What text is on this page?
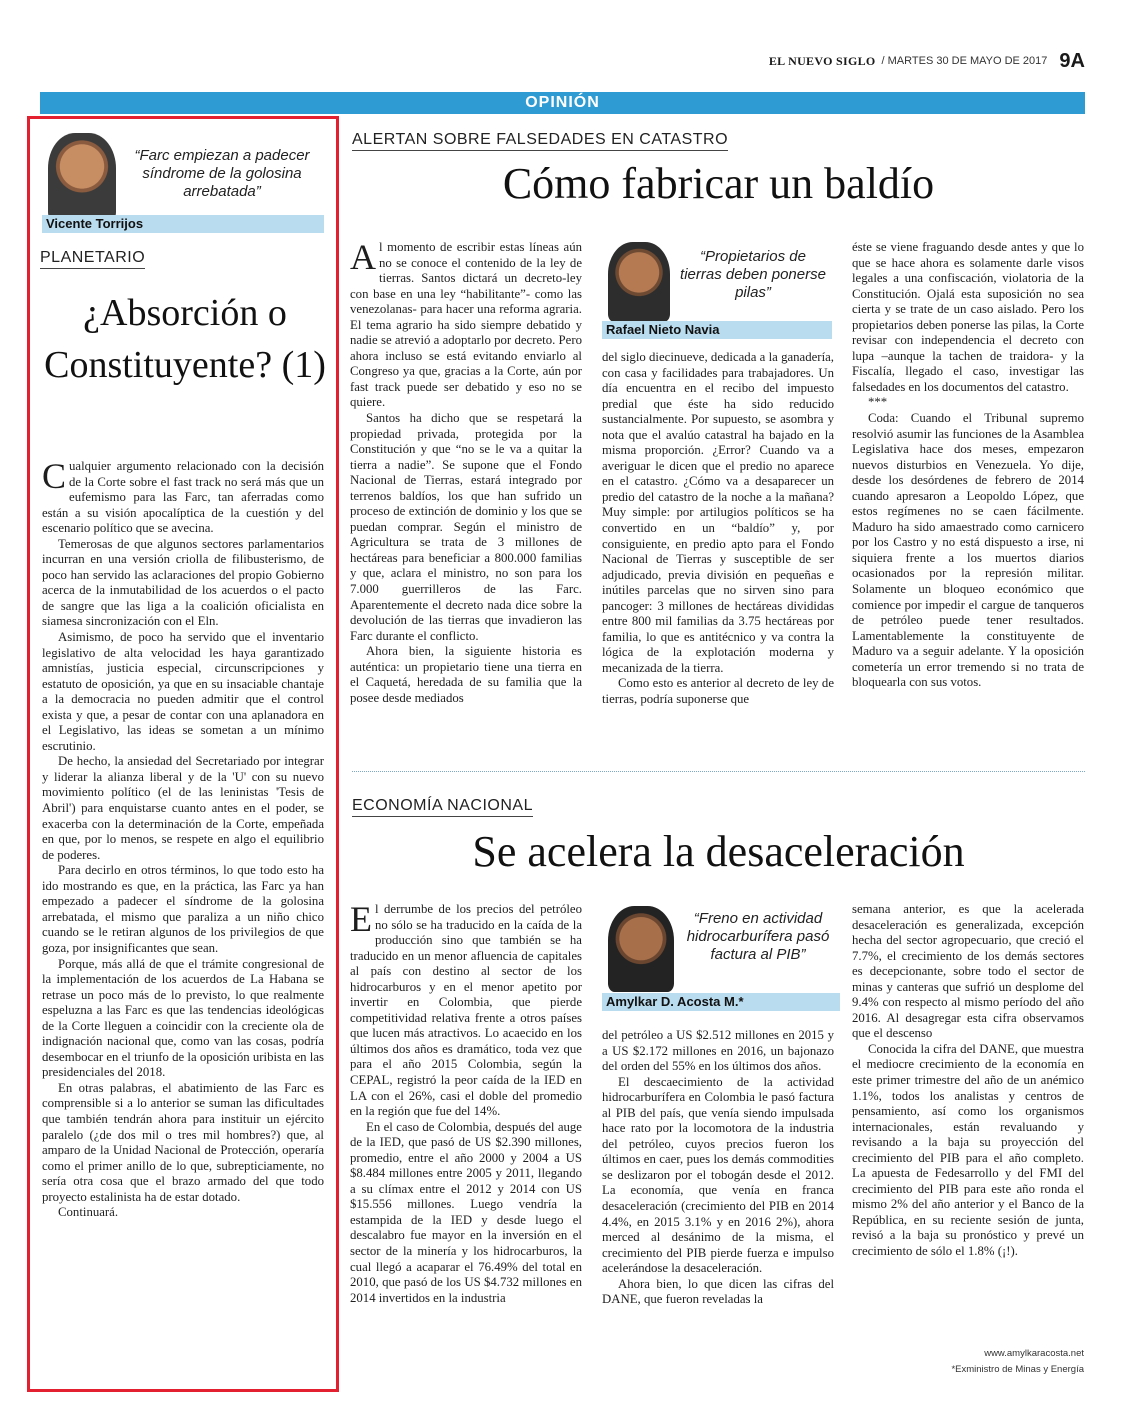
EL NUEVO SIGLO / MARTES 30 DE MAYO DE 2017 9A
OPINIÓN
“Farc empiezan a padecer síndrome de la golosina arrebatada”
Vicente Torrijos
PLANETARIO
¿Absorción o Constituyente? (1)

Cualquier argumento relacionado con la decisión de la Corte sobre el fast track no será más que un eufemismo para las Farc, tan aferradas como están a su visión apocalíptica de la cuestión y del escenario político que se avecina.

Temerosas de que algunos sectores parlamentarios incurran en una versión criolla de filibusterismo, de poco han servido las aclaraciones del propio Gobierno acerca de la inmutabilidad de los acuerdos o el pacto de sangre que las liga a la coalición oficialista en siamesa sincronización con el Eln.

Asimismo, de poco ha servido que el inventario legislativo de alta velocidad les haya garantizado amnistías, justicia especial, circunscripciones y estatuto de oposición, ya que en su insaciable chantaje a la democracia no pueden admitir que el control exista y que, a pesar de contar con una aplanadora en el Legislativo, las ideas se sometan a un mínimo escrutinio.

De hecho, la ansiedad del Secretariado por integrar y liderar la alianza liberal y de la 'U' con su nuevo movimiento político (el de las leninistas 'Tesis de Abril') para enquistarse cuanto antes en el poder, se exacerba con la determinación de la Corte, empeñada en que, por lo menos, se respete en algo el equilibrio de poderes.

Para decirlo en otros términos, lo que todo esto ha ido mostrando es que, en la práctica, las Farc ya han empezado a padecer el síndrome de la golosina arrebatada, el mismo que paraliza a un niño chico cuando se le retiran algunos de los privilegios de que goza, por insignificantes que sean.

Porque, más allá de que el trámite congresional de la implementación de los acuerdos de La Habana se retrase un poco más de lo previsto, lo que realmente espeluzna a las Farc es que las tendencias ideológicas de la Corte lleguen a coincidir con la creciente ola de indignación nacional que, como van las cosas, podría desembocar en el triunfo de la oposición uribista en las presidenciales del 2018.

En otras palabras, el abatimiento de las Farc es comprensible si a lo anterior se suman las dificultades que también tendrán ahora para instituir un ejército paralelo (¿de dos mil o tres mil hombres?) que, al amparo de la Unidad Nacional de Protección, operaría como el primer anillo de lo que, subrepticiamente, no sería otra cosa que el brazo armado del que todo proyecto estalinista ha de estar dotado.

Continuará.

ALERTAN SOBRE FALSEDADES EN CATASTRO
Cómo fabricar un baldío

Al momento de escribir estas líneas aún no se conoce el contenido de la ley de tierras. Santos dictará un decreto-ley con base en una ley “habilitante”- como las venezolanas- para hacer una reforma agraria. El tema agrario ha sido siempre debatido y nadie se atrevió a adoptarlo por decreto. Pero ahora incluso se está evitando enviarlo al Congreso ya que, gracias a la Corte, aún por fast track puede ser debatido y eso no se quiere.

Santos ha dicho que se respetará la propiedad privada, protegida por la Constitución y que “no se le va a quitar la tierra a nadie”. Se supone que el Fondo Nacional de Tierras, estará integrado por terrenos baldíos, los que han sufrido un proceso de extinción de dominio y los que se puedan comprar. Según el ministro de Agricultura se trata de 3 millones de hectáreas para beneficiar a 800.000 familias y que, aclara el ministro, no son para los 7.000 guerrilleros de las Farc. Aparentemente el decreto nada dice sobre la devolución de las tierras que invadieron las Farc durante el conflicto.

Ahora bien, la siguiente historia es auténtica: un propietario tiene una tierra en el Caquetá, heredada de su familia que la posee desde mediados

“Propietarios de tierras deben ponerse pilas”
Rafael Nieto Navia

del siglo diecinueve, dedicada a la ganadería, con casa y facilidades para trabajadores. Un día encuentra en el recibo del impuesto predial que éste ha sido reducido sustancialmente. Por supuesto, se asombra y nota que el avalúo catastral ha bajado en la misma proporción. ¿Error? Cuando va a averiguar le dicen que el predio no aparece en el catastro. ¿Cómo va a desaparecer un predio del catastro de la noche a la mañana? Muy simple: por artilugios políticos se ha convertido en un “baldío” y, por consiguiente, en predio apto para el Fondo Nacional de Tierras y susceptible de ser adjudicado, previa división en pequeñas e inútiles parcelas que no sirven sino para pancoger: 3 millones de hectáreas divididas entre 800 mil familias da 3.75 hectáreas por familia, lo que es antitécnico y va contra la lógica de la explotación moderna y mecanizada de la tierra.

Como esto es anterior al decreto de ley de tierras, podría suponerse que

éste se viene fraguando desde antes y que lo que se hace ahora es solamente darle visos legales a una confiscación, violatoria de la Constitución. Ojalá esta suposición no sea cierta y se trate de un caso aislado. Pero los propietarios deben ponerse las pilas, la Corte revisar con independencia el decreto con lupa –aunque la tachen de traidora- y la Fiscalía, llegado el caso, investigar las falsedades en los documentos del catastro.

***

Coda: Cuando el Tribunal supremo resolvió asumir las funciones de la Asamblea Legislativa hace dos meses, empezaron nuevos disturbios en Venezuela. Yo dije, desde los desórdenes de febrero de 2014 cuando apresaron a Leopoldo López, que estos regímenes no se caen fácilmente. Maduro ha sido amaestrado como carnicero por los Castro y no está dispuesto a irse, ni siquiera frente a los muertos diarios ocasionados por la represión militar. Solamente un bloqueo económico que comience por impedir el cargue de tanqueros de petróleo puede tener resultados. Lamentablemente la constituyente de Maduro va a seguir adelante. Y la oposición cometería un error tremendo si no trata de bloquearla con sus votos.

ECONOMÍA NACIONAL
Se acelera la desaceleración

El derrumbe de los precios del petróleo no sólo se ha traducido en la caída de la producción sino que también se ha traducido en un menor afluencia de capitales al país con destino al sector de los hidrocarburos y en el menor apetito por invertir en Colombia, que pierde competitividad relativa frente a otros países que lucen más atractivos. Lo acaecido en los últimos dos años es dramático, toda vez que para el año 2015 Colombia, según la CEPAL, registró la peor caída de la IED en LA con el 26%, casi el doble del promedio en la región que fue del 14%.

En el caso de Colombia, después del auge de la IED, que pasó de US $2.390 millones, promedio, entre el año 2000 y 2004 a US $8.484 millones entre 2005 y 2011, llegando a su clímax entre el 2012 y 2014 con US $15.556 millones. Luego vendría la estampida de la IED y desde luego el descalabro fue mayor en la inversión en el sector de la minería y los hidrocarburos, la cual llegó a acaparar el 76.49% del total en 2010, que pasó de los US $4.732 millones en 2014 invertidos en la industria

“Freno en actividad hidrocarburífera pasó factura al PIB”
Amylkar D. Acosta M.*

del petróleo a US $2.512 millones en 2015 y a US $2.172 millones en 2016, un bajonazo del orden del 55% en los últimos dos años.

El descaecimiento de la actividad hidrocarburífera en Colombia le pasó factura al PIB del país, que venía siendo impulsada hace rato por la locomotora de la industria del petróleo, cuyos precios fueron los últimos en caer, pues los demás commodities se deslizaron por el tobogán desde el 2012. La economía, que venía en franca desaceleración (crecimiento del PIB en 2014 4.4%, en 2015 3.1% y en 2016 2%), ahora merced al desánimo de la misma, el crecimiento del PIB pierde fuerza e impulso acelerándose la desaceleración.

Ahora bien, lo que dicen las cifras del DANE, que fueron reveladas la

semana anterior, es que la acelerada desaceleración es generalizada, excepción hecha del sector agropecuario, que creció el 7.7%, el crecimiento de los demás sectores es decepcionante, sobre todo el sector de minas y canteras que sufrió un desplome del 9.4% con respecto al mismo período del año 2016. Al desagregar esta cifra observamos que el descenso

Conocida la cifra del DANE, que muestra el mediocre crecimiento de la economía en este primer trimestre del año de un anémico 1.1%, todos los analistas y centros de pensamiento, así como los organismos internacionales, están revaluando y revisando a la baja su proyección del crecimiento del PIB para el año completo. La apuesta de Fedesarrollo y del FMI del crecimiento del PIB para este año ronda el mismo 2% del año anterior y el Banco de la República, en su reciente sesión de junta, revisó a la baja su pronóstico y prevé un crecimiento de sólo el 1.8% (¡!).

www.amylkaracosta.net
*Exministro de Minas y Energía
